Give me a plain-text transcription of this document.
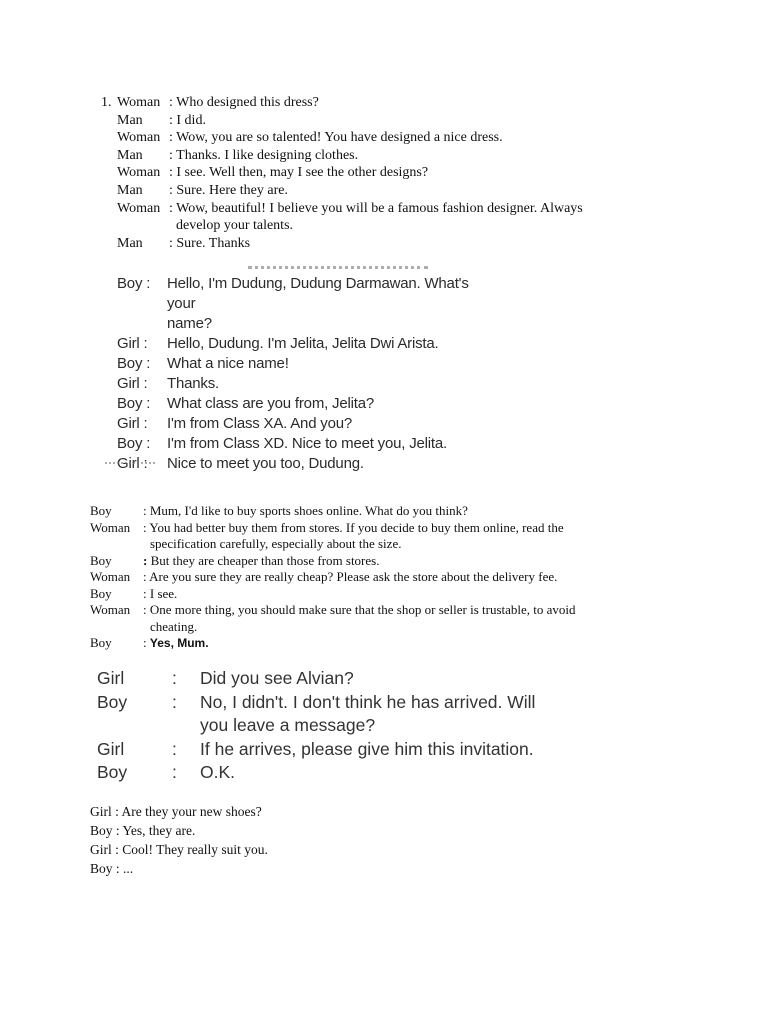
1. Woman : Who designed this dress?
Man	: I did.
Woman : Wow, you are so talented! You have designed a nice dress.
Man	: Thanks. I like designing clothes.
Woman : I see. Well then, may I see the other designs?
Man	: Sure. Here they are.
Woman : Wow, beautiful! I believe you will be a famous fashion designer. Always
develop your talents.
Man	: Sure. Thanks
Boy :	Hello, I'm Dudung, Dudung Darmawan. What's your
name?
Girl :	Hello, Dudung. I'm Jelita, Jelita Dwi Arista.
Boy :	What a nice name!
Girl :	Thanks.
Boy :	What class are you from, Jelita?
Girl :	I'm from Class XA. And you?
Boy :	I'm from Class XD. Nice to meet you, Jelita.
Girl :	Nice to meet you too, Dudung.
Boy	: Mum, I'd like to buy sports shoes online. What do you think?
Woman : You had better buy them from stores. If you decide to buy them online, read the
specification carefully, especially about the size.
Boy	: But they are cheaper than those from stores.
Woman : Are you sure they are really cheap? Please ask the store about the delivery fee.
Boy	: I see.
Woman : One more thing, you should make sure that the shop or seller is trustable, to avoid
cheating.
Boy	: Yes, Mum.
Girl	:	Did you see Alvian?
Boy	:	No, I didn't. I don't think he has arrived. Will
you leave a message?
Girl	:	If he arrives, please give him this invitation.
Boy	:	O.K.
Girl : Are they your new shoes?
Boy : Yes, they are.
Girl : Cool! They really suit you.
Boy : ...
